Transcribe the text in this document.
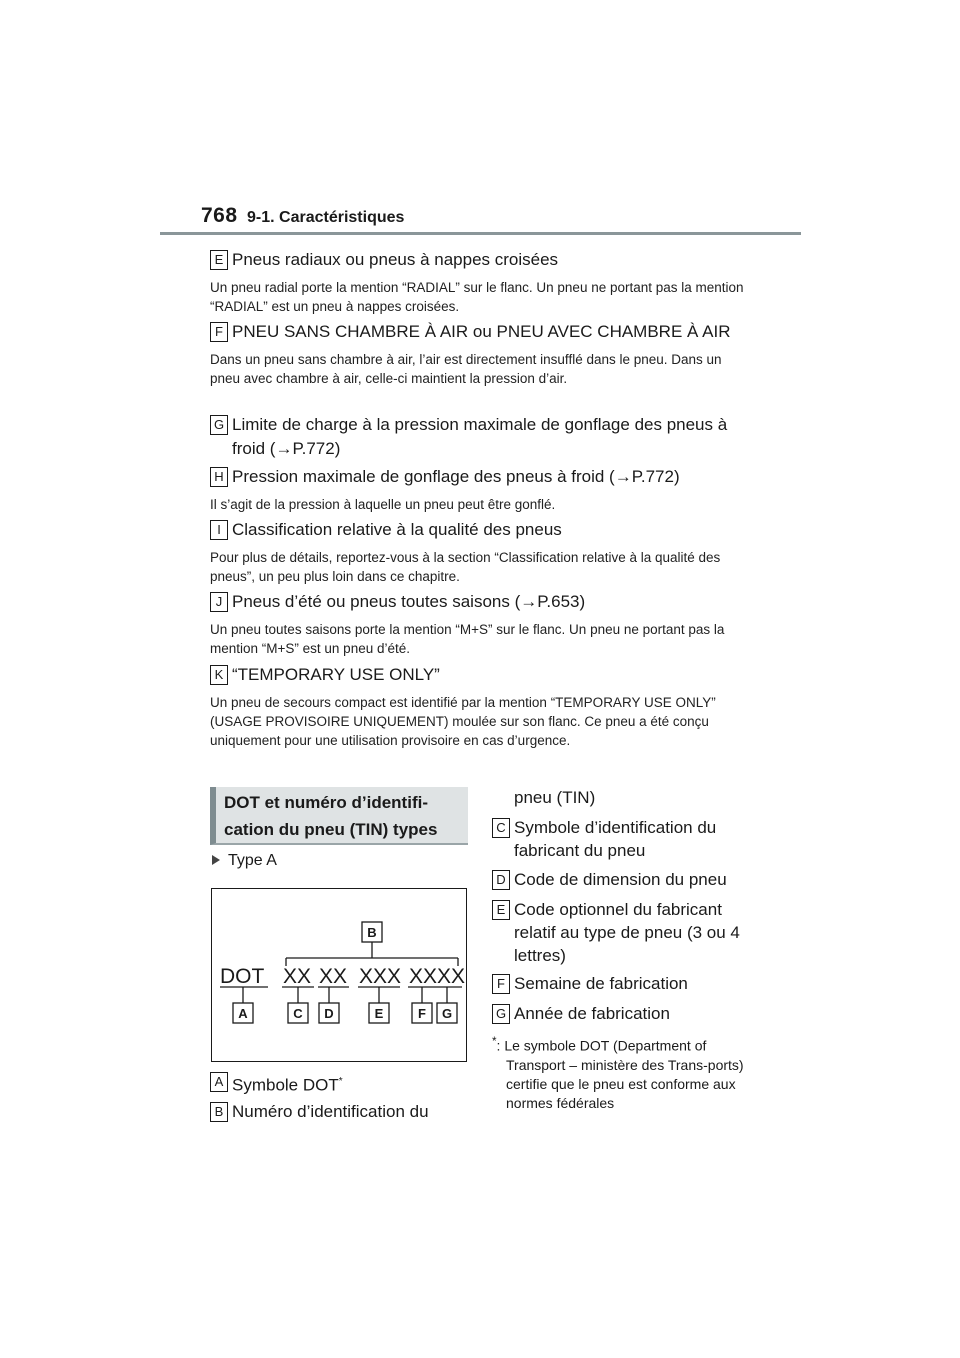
768 9-1. Caractéristiques
E Pneus radiaux ou pneus à nappes croisées
Un pneu radial porte la mention “RADIAL” sur le flanc. Un pneu ne portant pas la mention “RADIAL” est un pneu à nappes croisées.
F PNEU SANS CHAMBRE À AIR ou PNEU AVEC CHAMBRE À AIR
Dans un pneu sans chambre à air, l’air est directement insufflé dans le pneu. Dans un pneu avec chambre à air, celle-ci maintient la pression d’air.
G Limite de charge à la pression maximale de gonflage des pneus à froid (→P.772)
H Pression maximale de gonflage des pneus à froid (→P.772)
Il s’agit de la pression à laquelle un pneu peut être gonflé.
I Classification relative à la qualité des pneus
Pour plus de détails, reportez-vous à la section “Classification relative à la qualité des pneus”, un peu plus loin dans ce chapitre.
J Pneus d’été ou pneus toutes saisons (→P.653)
Un pneu toutes saisons porte la mention “M+S” sur le flanc. Un pneu ne portant pas la mention “M+S” est un pneu d’été.
K “TEMPORARY USE ONLY”
Un pneu de secours compact est identifié par la mention “TEMPORARY USE ONLY” (USAGE PROVISOIRE UNIQUEMENT) moulée sur son flanc. Ce pneu a été conçu uniquement pour une utilisation provisoire en cas d’urgence.
DOT et numéro d’identifi-
cation du pneu (TIN) types
Type A
DOT XX XX XXX XXXX
B
A	C D	E	F G
A Symbole DOT*
B Numéro d’identification du
pneu (TIN)
C Symbole d’identification du fabricant du pneu
D Code de dimension du pneu
E Code optionnel du fabricant relatif au type de pneu (3 ou 4 lettres)
F Semaine de fabrication
G Année de fabrication
*: Le symbole DOT (Department of Transport – ministère des Trans-ports) certifie que le pneu est conforme aux normes fédérales
